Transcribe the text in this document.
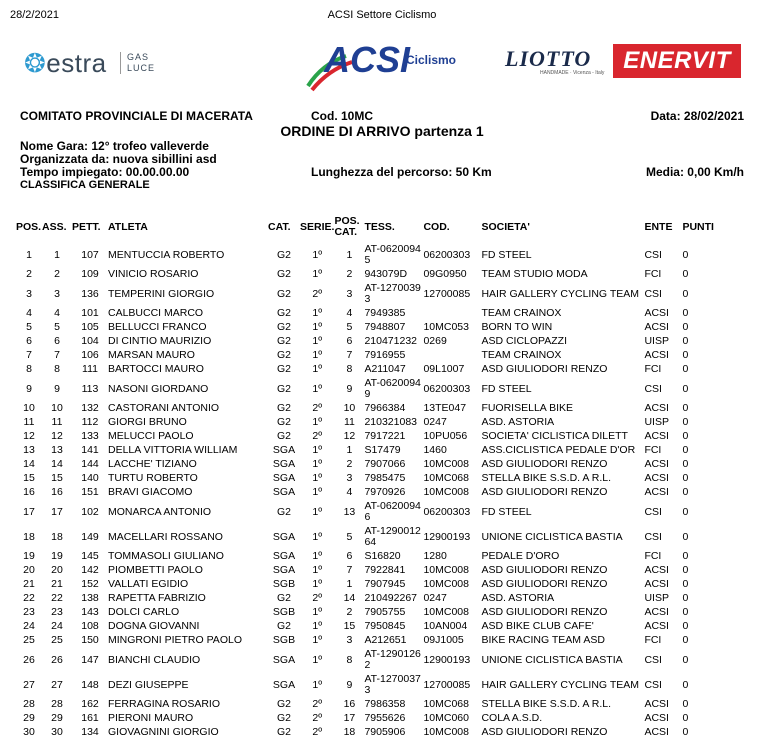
28/2/2021	ACSI Settore Ciclismo
❂estra GAS
LUCE	ACSI
Ciclismo LIOTTO
HANDMADE · Vicenza - Italy ENERVIT
COMITATO PROVINCIALE DI MACERATA	Cod. 10MC	Data: 28/02/2021
ORDINE DI ARRIVO partenza 1
Nome Gara: 12° trofeo valleverde
Organizzata da: nuova sibillini asd
Tempo impiegato: 00.00.00.00	Lunghezza del percorso: 50 Km	Media: 0,00 Km/h
CLASSIFICA GENERALE
POS.	ASS.	PETT.	ATLETA	CAT.	SERIE.	POS. CAT.	TESS.	COD.	SOCIETA'	ENTE	PUNTI
1	1	107	MENTUCCIA ROBERTO	G2	1º	1	AT-06200945	06200303	FD STEEL	CSI	0
2	2	109	VINICIO ROSARIO	G2	1º	2	943079D	09G0950	TEAM STUDIO MODA	FCI	0
3	3	136	TEMPERINI GIORGIO	G2	2º	3	AT-12700393	12700085	HAIR GALLERY CYCLING TEAM	CSI	0
4	4	101	CALBUCCI MARCO	G2	1º	4	7949385		TEAM CRAINOX	ACSI	0
5	5	105	BELLUCCI FRANCO	G2	1º	5	7948807	10MC053	BORN TO WIN	ACSI	0
6	6	104	DI CINTIO MAURIZIO	G2	1º	6	210471232	0269	ASD CICLOPAZZI	UISP	0
7	7	106	MARSAN MAURO	G2	1º	7	7916955		TEAM CRAINOX	ACSI	0
8	8	111	BARTOCCI MAURO	G2	1º	8	A211047	09L1007	ASD GIULIODORI RENZO	FCI	0
9	9	113	NASONI GIORDANO	G2	1º	9	AT-06200949	06200303	FD STEEL	CSI	0
10	10	132	CASTORANI ANTONIO	G2	2º	10	7966384	13TE047	FUORISELLA BIKE	ACSI	0
11	11	112	GIORGI BRUNO	G2	1º	11	210321083	0247	ASD. ASTORIA	UISP	0
12	12	133	MELUCCI PAOLO	G2	2º	12	7917221	10PU056	SOCIETA' CICLISTICA DILETT	ACSI	0
13	13	141	DELLA VITTORIA WILLIAM	SGA	1º	1	S17479	1460	ASS.CICLISTICA PEDALE D'OR	FCI	0
14	14	144	LACCHE' TIZIANO	SGA	1º	2	7907066	10MC008	ASD GIULIODORI RENZO	ACSI	0
15	15	140	TURTU ROBERTO	SGA	1º	3	7985475	10MC068	STELLA BIKE S.S.D. A R.L.	ACSI	0
16	16	151	BRAVI GIACOMO	SGA	1º	4	7970926	10MC008	ASD GIULIODORI RENZO	ACSI	0
17	17	102	MONARCA ANTONIO	G2	1º	13	AT-06200946	06200303	FD STEEL	CSI	0
18	18	149	MACELLARI ROSSANO	SGA	1º	5	AT-129001264	12900193	UNIONE CICLISTICA BASTIA	CSI	0
19	19	145	TOMMASOLI GIULIANO	SGA	1º	6	S16820	1280	PEDALE D'ORO	FCI	0
20	20	142	PIOMBETTI PAOLO	SGA	1º	7	7922841	10MC008	ASD GIULIODORI RENZO	ACSI	0
21	21	152	VALLATI EGIDIO	SGB	1º	1	7907945	10MC008	ASD GIULIODORI RENZO	ACSI	0
22	22	138	RAPETTA FABRIZIO	G2	2º	14	210492267	0247	ASD. ASTORIA	UISP	0
23	23	143	DOLCI CARLO	SGB	1º	2	7905755	10MC008	ASD GIULIODORI RENZO	ACSI	0
24	24	108	DOGNA GIOVANNI	G2	1º	15	7950845	10AN004	ASD BIKE CLUB CAFE'	ACSI	0
25	25	150	MINGRONI PIETRO PAOLO	SGB	1º	3	A212651	09J1005	BIKE RACING TEAM ASD	FCI	0
26	26	147	BIANCHI CLAUDIO	SGA	1º	8	AT-12901262	12900193	UNIONE CICLISTICA BASTIA	CSI	0
27	27	148	DEZI GIUSEPPE	SGA	1º	9	AT-12700373	12700085	HAIR GALLERY CYCLING TEAM	CSI	0
28	28	162	FERRAGINA ROSARIO	G2	2º	16	7986358	10MC068	STELLA BIKE S.S.D. A R.L.	ACSI	0
29	29	161	PIERONI MAURO	G2	2º	17	7955626	10MC060	COLA A.S.D.	ACSI	0
30	30	134	GIOVAGNINI GIORGIO	G2	2º	18	7905906	10MC008	ASD GIULIODORI RENZO	ACSI	0
